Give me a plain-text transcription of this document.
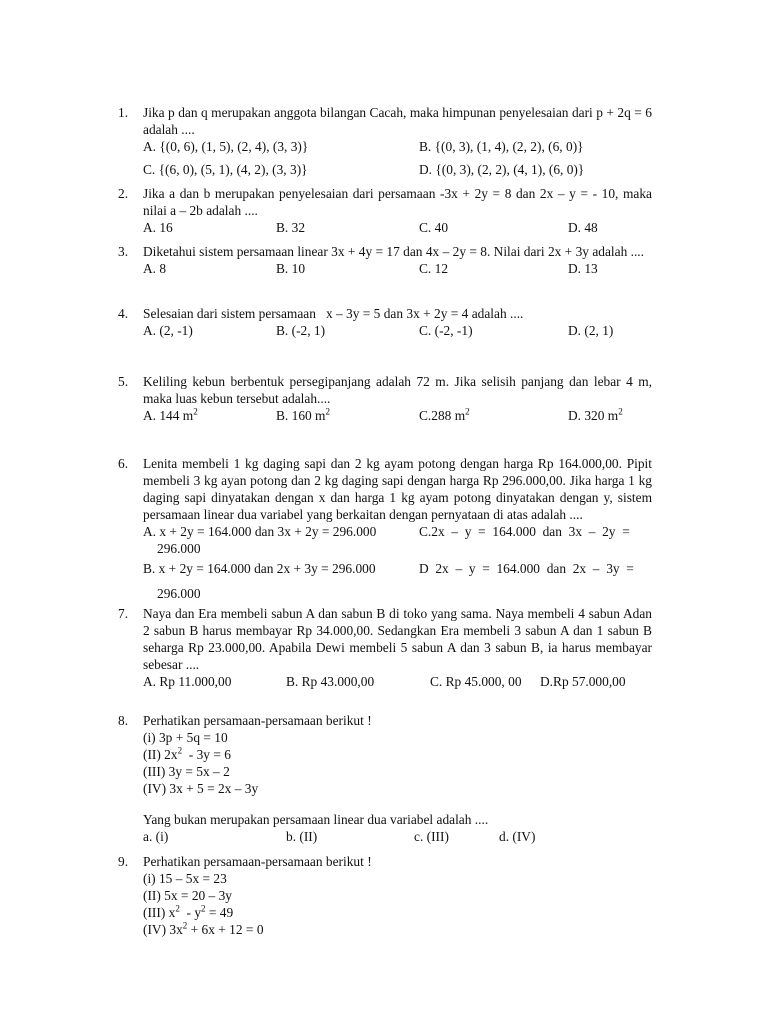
1.	Jika p dan q merupakan anggota bilangan Cacah, maka himpunan penyelesaian dari p + 2q = 6 adalah ....
A. {(0, 6), (1, 5), (2, 4), (3, 3)}	B. {(0, 3), (1, 4), (2, 2), (6, 0)}
C. {(6, 0), (5, 1), (4, 2), (3, 3)}	D. {(0, 3), (2, 2), (4, 1), (6, 0)}
2.	Jika a dan b merupakan penyelesaian dari persamaan -3x + 2y = 8 dan 2x – y = - 10, maka nilai a – 2b adalah ....
A. 16	B. 32	C. 40	D. 48
3.	Diketahui sistem persamaan linear 3x + 4y = 17 dan 4x – 2y = 8. Nilai dari 2x + 3y adalah ....
A. 8	B. 10	C. 12	D. 13
4.	Selesaian dari sistem persamaan   x – 3y = 5 dan 3x + 2y = 4 adalah ....
A. (2, -1)	B. (-2, 1)	C. (-2, -1)	D. (2, 1)
5.	Keliling kebun berbentuk persegipanjang adalah 72 m. Jika selisih panjang dan lebar 4 m, maka luas kebun tersebut adalah....
A. 144 $m^2$	B. 160 $m^2$	C.288 $m^2$	D. 320 $m^2$
6.	Lenita membeli 1 kg daging sapi dan 2 kg ayam potong dengan harga Rp 164.000,00. Pipit membeli 3 kg ayan potong dan 2 kg daging sapi dengan harga Rp 296.000,00. Jika harga 1 kg daging sapi dinyatakan dengan x dan harga 1 kg ayam potong dinyatakan dengan y, sistem persamaan linear dua variabel yang berkaitan dengan pernyataan di atas adalah ....
A. x + 2y = 164.000 dan 3x + 2y = 296.000	C.2x  –  y  =  164.000  dan  3x  –  2y  =
296.000
B. x + 2y = 164.000 dan 2x + 3y = 296.000	D  2x  –  y  =  164.000  dan  2x  –  3y  =
296.000
7.	Naya dan Era membeli sabun A dan sabun B di toko yang sama. Naya membeli 4 sabun Adan 2 sabun B harus membayar Rp 34.000,00. Sedangkan Era membeli 3 sabun A dan 1 sabun B seharga Rp 23.000,00. Apabila Dewi membeli 5 sabun A dan 3 sabun B, ia harus membayar sebesar ....
A. Rp 11.000,00	B. Rp 43.000,00	C. Rp 45.000, 00 D.Rp 57.000,00
8.	Perhatikan persamaan-persamaan berikut !
(i) 3p + 5q = 10
(II) $2x^2 - 3y = 6$
(III) 3y = 5x – 2
(IV) 3x + 5 = 2x – 3y
Yang bukan merupakan persamaan linear dua variabel adalah ....
a. (i)	b. (II)	c. (III)	d. (IV)
9.	Perhatikan persamaan-persamaan berikut !
(i) 15 – 5x = 23
(II) 5x = 20 – 3y
(III) $x^2 - y^2 = 49$
(IV) $3x^2 + 6x + 12 = 0$
